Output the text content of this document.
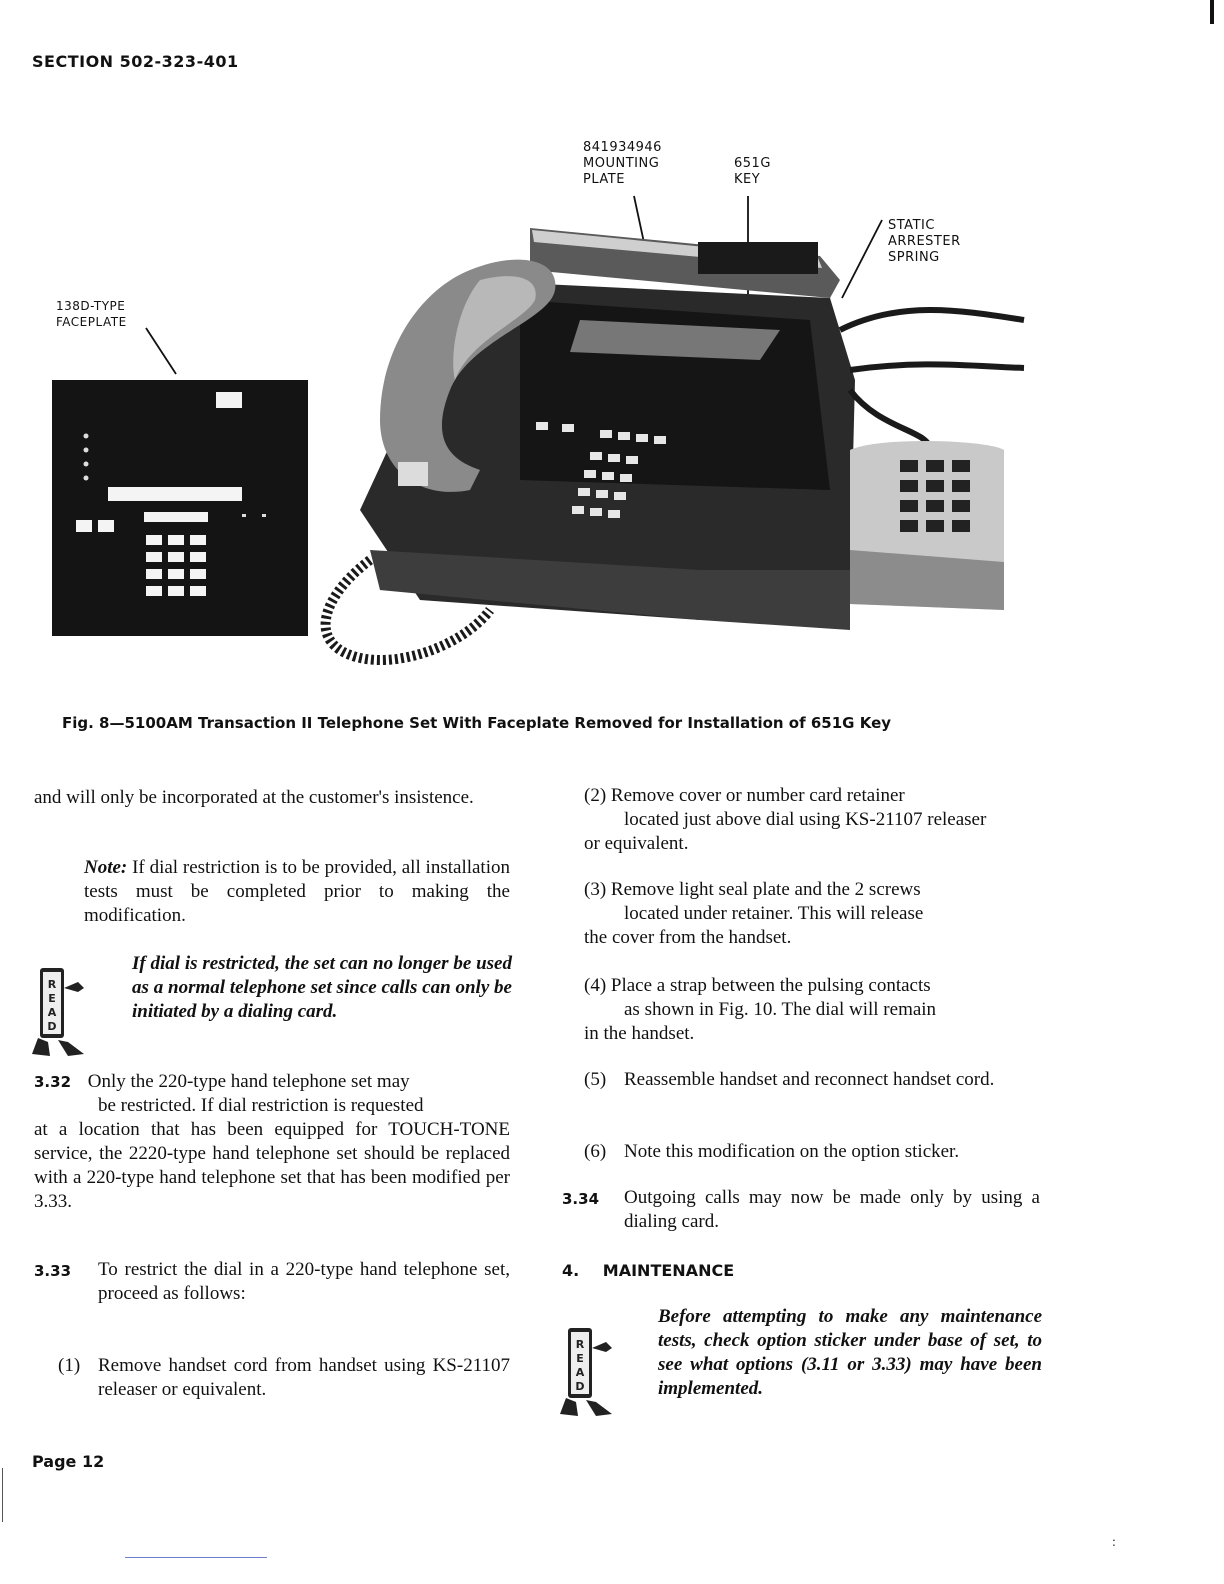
SECTION 502-323-401
841934946
MOUNTING
PLATE
651G
KEY
STATIC
ARRESTER
SPRING
138D-TYPE
FACEPLATE
Fig. 8—5100AM Transaction II Telephone Set With Faceplate Removed for Installation of 651G Key
and will only be incorporated at the customer's insistence.
Note: If dial restriction is to be provided, all installation tests must be completed prior to making the modification.
R
E
A
D
If dial is restricted, the set can no longer be used as a normal telephone set since calls can only be initiated by a dialing card.
3.32 Only the 220-type hand telephone set may
be restricted. If dial restriction is requested
at a location that has been equipped for TOUCH-TONE service, the 2220-type hand telephone set should be replaced with a 220-type hand telephone set that has been modified per 3.33.
3.33 To restrict the dial in a 220-type hand telephone set, proceed as follows:
(1) Remove handset cord from handset using KS-21107 releaser or equivalent.
(2) Remove cover or number card retainer
located just above dial using KS-21107 releaser
or equivalent.
(3) Remove light seal plate and the 2 screws
located under retainer. This will release
the cover from the handset.
(4) Place a strap between the pulsing contacts
as shown in Fig. 10. The dial will remain
in the handset.
(5) Reassemble handset and reconnect handset cord.
(6) Note this modification on the option sticker.
3.34 Outgoing calls may now be made only by using a dialing card.
4. MAINTENANCE
R
E
A
D
Before attempting to make any maintenance tests, check option sticker under base of set, to see what options (3.11 or 3.33) may have been implemented.
Page 12
:
